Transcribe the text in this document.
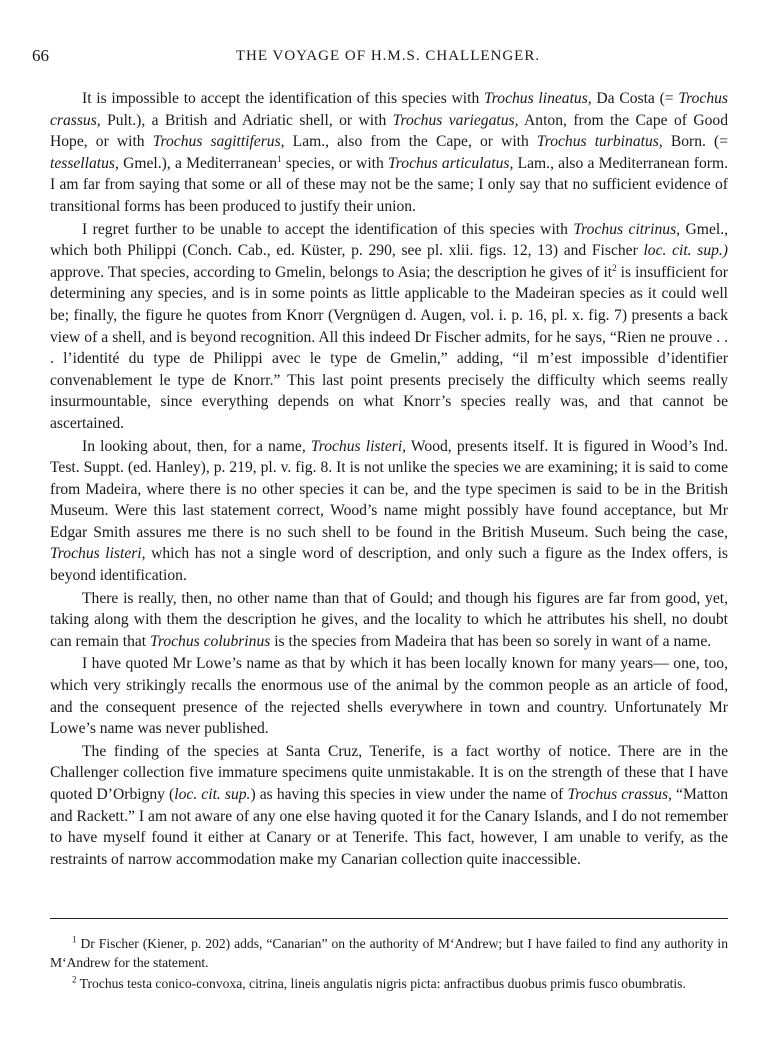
66	THE VOYAGE OF H.M.S. CHALLENGER.

It is impossible to accept the identification of this species with Trochus lineatus, Da Costa (= Trochus crassus, Pult.), a British and Adriatic shell, or with Trochus variegatus, Anton, from the Cape of Good Hope, or with Trochus sagittiferus, Lam., also from the Cape, or with Trochus turbinatus, Born. (= tessellatus, Gmel.), a Mediterranean$^1$ species, or with Trochus articulatus, Lam., also a Mediterranean form. I am far from saying that some or all of these may not be the same; I only say that no sufficient evidence of transitional forms has been produced to justify their union.

I regret further to be unable to accept the identification of this species with Trochus citrinus, Gmel., which both Philippi (Conch. Cab., ed. Küster, p. 290, see pl. xlii. figs. 12, 13) and Fischer loc. cit. sup.) approve. That species, according to Gmelin, belongs to Asia; the description he gives of $it^2$ is insufficient for determining any species, and is in some points as little applicable to the Madeiran species as it could well be; finally, the figure he quotes from Knorr (Vergnügen d. Augen, vol. i. p. 16, pl. x. fig. 7) presents a back view of a shell, and is beyond recognition. All this indeed Dr Fischer admits, for he says, “Rien ne prouve . . . l’identité du type de Philippi avec le type de Gmelin,” adding, “il m’est impossible d’identifier convenablement le type de Knorr.” This last point presents precisely the difficulty which seems really insurmountable, since everything depends on what Knorr’s species really was, and that cannot be ascertained.

In looking about, then, for a name, Trochus listeri, Wood, presents itself. It is figured in Wood’s Ind. Test. Suppt. (ed. Hanley), p. 219, pl. v. fig. 8. It is not unlike the species we are examining; it is said to come from Madeira, where there is no other species it can be, and the type specimen is said to be in the British Museum. Were this last statement correct, Wood’s name might possibly have found acceptance, but Mr Edgar Smith assures me there is no such shell to be found in the British Museum. Such being the case, Trochus listeri, which has not a single word of description, and only such a figure as the Index offers, is beyond identification.

There is really, then, no other name than that of Gould; and though his figures are far from good, yet, taking along with them the description he gives, and the locality to which he attributes his shell, no doubt can remain that Trochus colubrinus is the species from Madeira that has been so sorely in want of a name.

I have quoted Mr Lowe’s name as that by which it has been locally known for many years— one, too, which very strikingly recalls the enormous use of the animal by the common people as an article of food, and the consequent presence of the rejected shells everywhere in town and country. Unfortunately Mr Lowe’s name was never published.

The finding of the species at Santa Cruz, Tenerife, is a fact worthy of notice. There are in the Challenger collection five immature specimens quite unmistakable. It is on the strength of these that I have quoted D’Orbigny (loc. cit. sup.) as having this species in view under the name of Trochus crassus, “Matton and Rackett.” I am not aware of any one else having quoted it for the Canary Islands, and I do not remember to have myself found it either at Canary or at Tenerife. This fact, however, I am unable to verify, as the restraints of narrow accommodation make my Canarian collection quite inaccessible.

$^1$ Dr Fischer (Kiener, p. 202) adds, “Canarian” on the authority of M‘Andrew; but I have failed to find any authority in M‘Andrew for the statement.

$^2$ Trochus testa conico-convoxa, citrina, lineis angulatis nigris picta: anfractibus duobus primis fusco obumbratis.
